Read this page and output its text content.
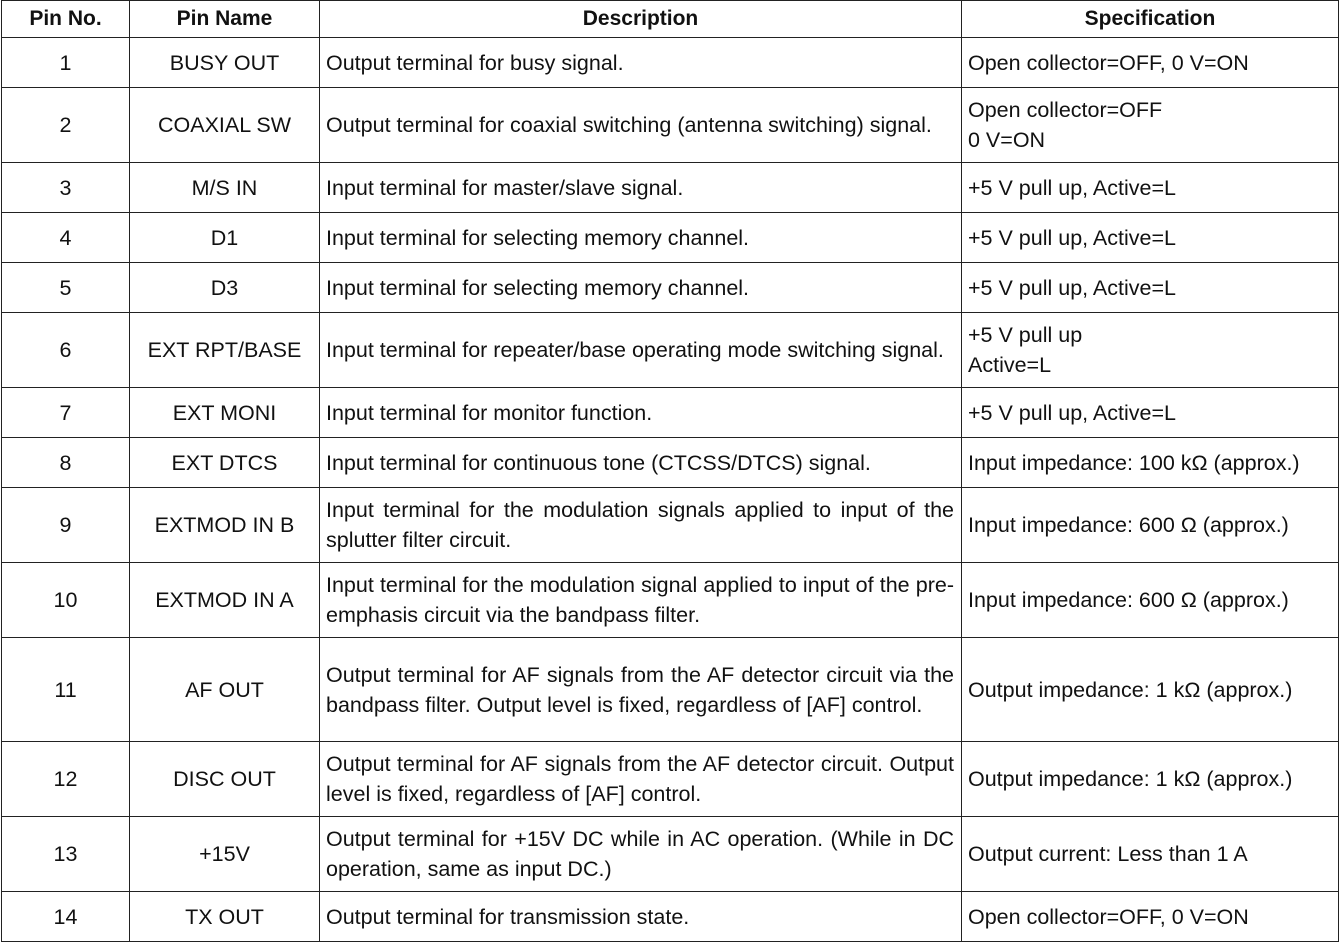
Pin No.	Pin Name	Description	Specification
1	BUSY OUT	Output terminal for busy signal.	Open collector=OFF, 0 V=ON
2	COAXIAL SW	Output terminal for coaxial switching (antenna switching) signal.	Open collector=OFF
0 V=ON
3	M/S IN	Input terminal for master/slave signal.	+5 V pull up, Active=L
4	D1	Input terminal for selecting memory channel.	+5 V pull up, Active=L
5	D3	Input terminal for selecting memory channel.	+5 V pull up, Active=L
6	EXT RPT/BASE	Input terminal for repeater/base operating mode switching signal.	+5 V pull up
Active=L
7	EXT MONI	Input terminal for monitor function.	+5 V pull up, Active=L
8	EXT DTCS	Input terminal for continuous tone (CTCSS/DTCS) signal.	Input impedance: 100 kΩ (approx.)
9	EXTMOD IN B	Input terminal for the modulation signals applied to input of the splutter filter circuit.	Input impedance: 600 Ω (approx.)
10	EXTMOD IN A	Input terminal for the modulation signal applied to input of the pre-emphasis circuit via the bandpass filter.	Input impedance: 600 Ω (approx.)
11	AF OUT	Output terminal for AF signals from the AF detector circuit via the bandpass filter. Output level is fixed, regardless of [AF] control.	Output impedance: 1 kΩ (approx.)
12	DISC OUT	Output terminal for AF signals from the AF detector circuit. Output level is fixed, regardless of [AF] control.	Output impedance: 1 kΩ (approx.)
13	+15V	Output terminal for +15V DC while in AC operation. (While in DC operation, same as input DC.)	Output current: Less than 1 A
14	TX OUT	Output terminal for transmission state.	Open collector=OFF, 0 V=ON
